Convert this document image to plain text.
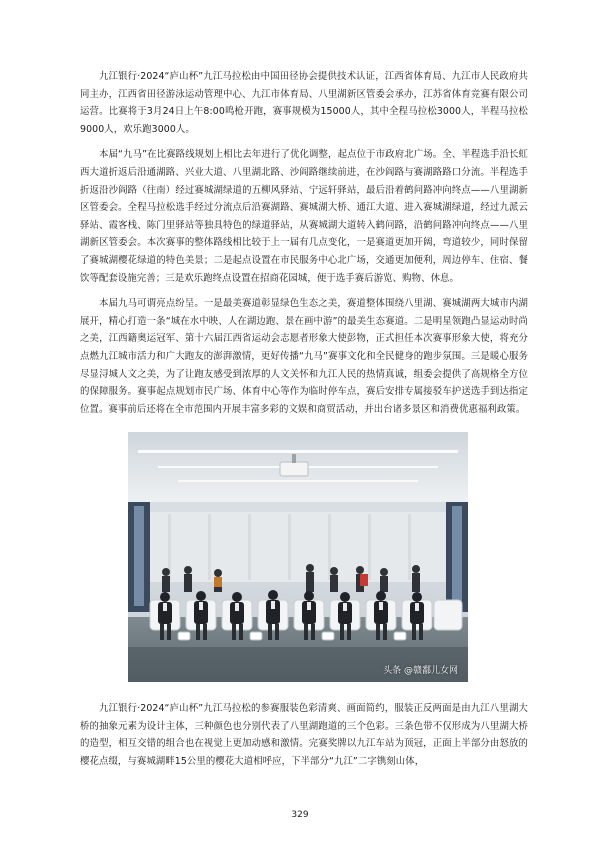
九江银行·2024“庐山杯”九江马拉松由中国田径协会提供技术认证，江西省体育局、九江市人民政府共同主办，江西省田径游泳运动管理中心、九江市体育局、八里湖新区管委会承办，江苏省体育竞赛有限公司运营。比赛将于3月24日上午8:00鸣枪开跑，赛事规模为15000人，其中全程马拉松3000人，半程马拉松9000人，欢乐跑3000人。

本届“九马”在比赛路线规划上相比去年进行了优化调整，起点位于市政府北广场。全、半程选手沿长虹西大道折返后沿通湖路、兴业大道、八里湖北路、沙阎路继续前进，在沙阎路与赛湖路路口分流。半程选手折返沿沙阎路（往南）经过赛城湖绿道的五柳风驿站、宁远轩驿站，最后沿着鹤问路冲向终点——八里湖新区管委会。全程马拉松选手经过分流点后沿赛湖路、赛城湖大桥、通江大道、进入赛城湖绿道，经过九派云驿站、霞客栈、陈门里驿站等独具特色的绿道驿站，从赛城湖大道转入鹤问路，沿鹤问路冲向终点——八里湖新区管委会。本次赛事的整体路线相比较于上一届有几点变化，一是赛道更加开阔，弯道较少，同时保留了赛城湖樱花绿道的特色美景；二是起点设置在市民服务中心北广场，交通更加便利，周边停车、住宿、餐饮等配套设施完善；三是欢乐跑终点设置在招商花园城，便于选手赛后游览、购物、休息。

本届九马可谓亮点纷呈。一是最美赛道彰显绿色生态之美，赛道整体围绕八里湖、赛城湖两大城市内湖展开，精心打造一条“城在水中映、人在湖边跑、景在画中游”的最美生态赛道。二是明星领跑凸显运动时尚之美，江西籍奥运冠军、第十六届江西省运动会志愿者形象大使彭物，正式担任本次赛事形象大使，将充分点燃九江城市活力和广大跑友的澎湃激情，更好传播“九马”赛事文化和全民健身的跑步氛围。三是暖心服务尽显浔城人文之美，为了让跑友感受到浓厚的人文关怀和九江人民的热情真诚，组委会提供了高规格全方位的保障服务。赛事起点规划市民广场、体育中心等作为临时停车点，赛后安排专属接驳车护送选手到达指定位置。赛事前后还将在全市范围内开展丰富多彩的文娱和商贸活动，并出台诸多景区和消费优惠福利政策。

头条 @赣鄱儿女网

九江银行·2024“庐山杯”九江马拉松的参赛服装色彩清爽、画面简约，服装正反两面是由九江八里湖大桥的抽象元素为设计主体，三种颜色也分别代表了八里湖跑道的三个色彩。三条色带不仅形成为八里湖大桥的造型，相互交错的组合也在视觉上更加动感和激情。完赛奖牌以九江车站为顶冠，正面上半部分由怒放的樱花点缀，与赛城湖畔15公里的樱花大道相呼应，下半部分“九江”二字镌刻山体，

329
